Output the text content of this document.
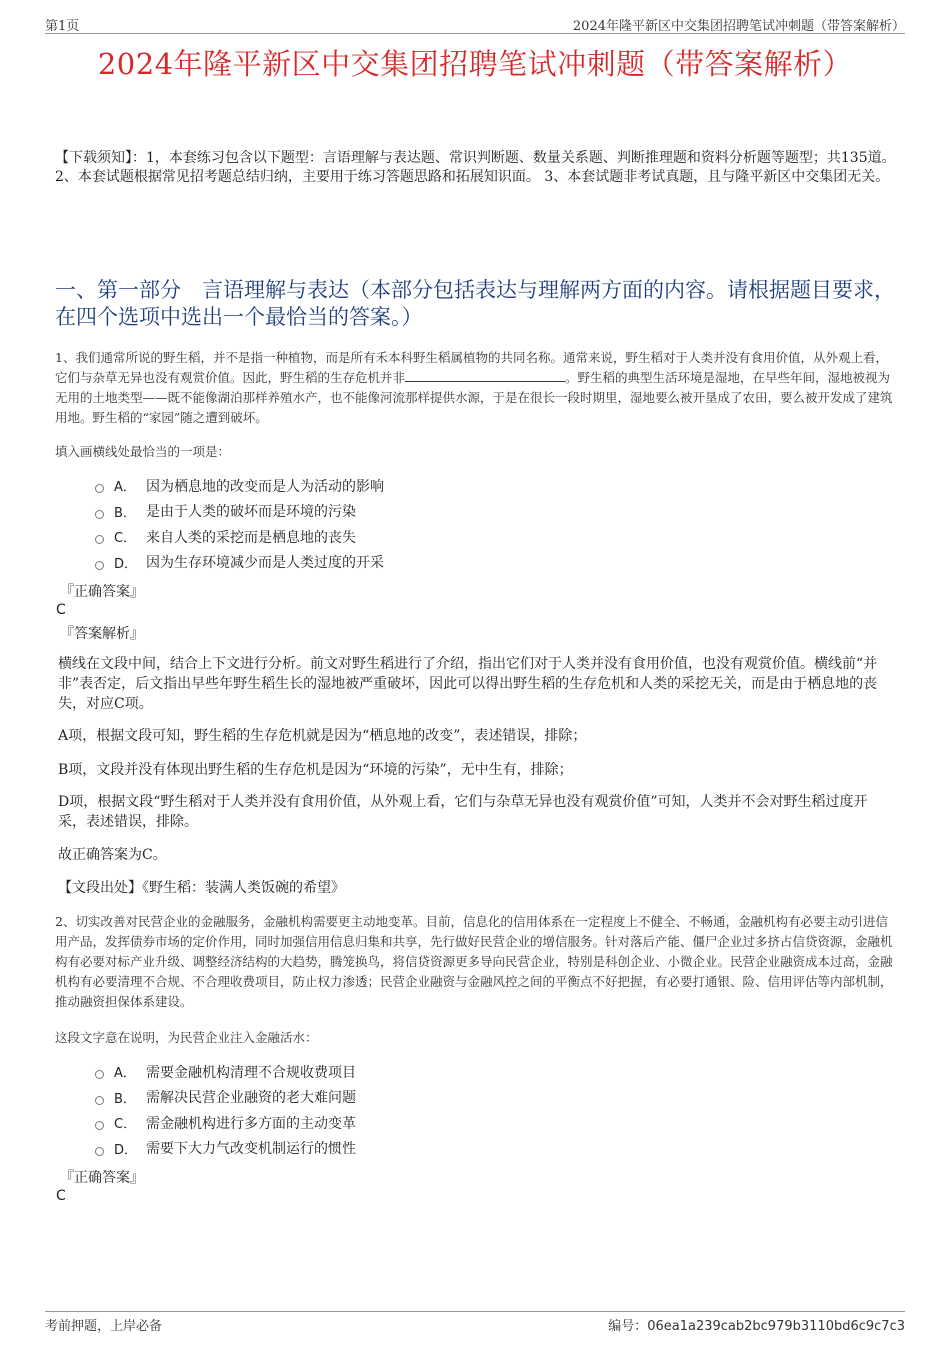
第1页	2024年隆平新区中交集团招聘笔试冲刺题（带答案解析）
2024年隆平新区中交集团招聘笔试冲刺题（带答案解析）
【下载须知】：1，本套练习包含以下题型：言语理解与表达题、常识判断题、数量关系题、判断推理题和资料分析题等题型；共135道。 2、本套试题根据常见招考题总结归纳，主要用于练习答题思路和拓展知识面。 3、本套试题非考试真题，且与隆平新区中交集团无关。
一、第一部分　言语理解与表达（本部分包括表达与理解两方面的内容。请根据题目要求，在四个选项中选出一个最恰当的答案。）
1、我们通常所说的野生稻，并不是指一种植物，而是所有禾本科野生稻属植物的共同名称。通常来说，野生稻对于人类并没有食用价值，从外观上看，它们与杂草无异也没有观赏价值。因此，野生稻的生存危机并非	。野生稻的典型生活环境是湿地，在早些年间，湿地被视为无用的土地类型——既不能像湖泊那样养殖水产，也不能像河流那样提供水源，于是在很长一段时期里，湿地要么被开垦成了农田，要么被开发成了建筑用地。野生稻的“家园”随之遭到破坏。
填入画横线处最恰当的一项是：
A． 因为栖息地的改变而是人为活动的影响
B． 是由于人类的破坏而是环境的污染
C． 来自人类的采挖而是栖息地的丧失
D． 因为生存环境减少而是人类过度的开采
『正确答案』
C
『答案解析』
横线在文段中间，结合上下文进行分析。前文对野生稻进行了介绍，指出它们对于人类并没有食用价值，也没有观赏价值。横线前“并非”表否定，后文指出早些年野生稻生长的湿地被严重破坏，因此可以得出野生稻的生存危机和人类的采挖无关，而是由于栖息地的丧失，对应C项。
A项，根据文段可知，野生稻的生存危机就是因为“栖息地的改变”，表述错误，排除；
B项，文段并没有体现出野生稻的生存危机是因为“环境的污染”，无中生有，排除；
D项，根据文段“野生稻对于人类并没有食用价值，从外观上看，它们与杂草无异也没有观赏价值”可知，人类并不会对野生稻过度开采，表述错误，排除。
故正确答案为C。
【文段出处】《野生稻：装满人类饭碗的希望》
2、切实改善对民营企业的金融服务，金融机构需要更主动地变革。目前，信息化的信用体系在一定程度上不健全、不畅通，金融机构有必要主动引进信用产品，发挥债券市场的定价作用，同时加强信用信息归集和共享，先行做好民营企业的增信服务。针对落后产能、僵尸企业过多挤占信贷资源，金融机构有必要对标产业升级、调整经济结构的大趋势，腾笼换鸟，将信贷资源更多导向民营企业，特别是科创企业、小微企业。民营企业融资成本过高，金融机构有必要清理不合规、不合理收费项目，防止权力渗透；民营企业融资与金融风控之间的平衡点不好把握，有必要打通银、险、信用评估等内部机制，推动融资担保体系建设。
这段文字意在说明，为民营企业注入金融活水：
A． 需要金融机构清理不合规收费项目
B． 需解决民营企业融资的老大难问题
C． 需金融机构进行多方面的主动变革
D． 需要下大力气改变机制运行的惯性
『正确答案』
C
考前押题，上岸必备	编号：06ea1a239cab2bc979b3110bd6c9c7c3
